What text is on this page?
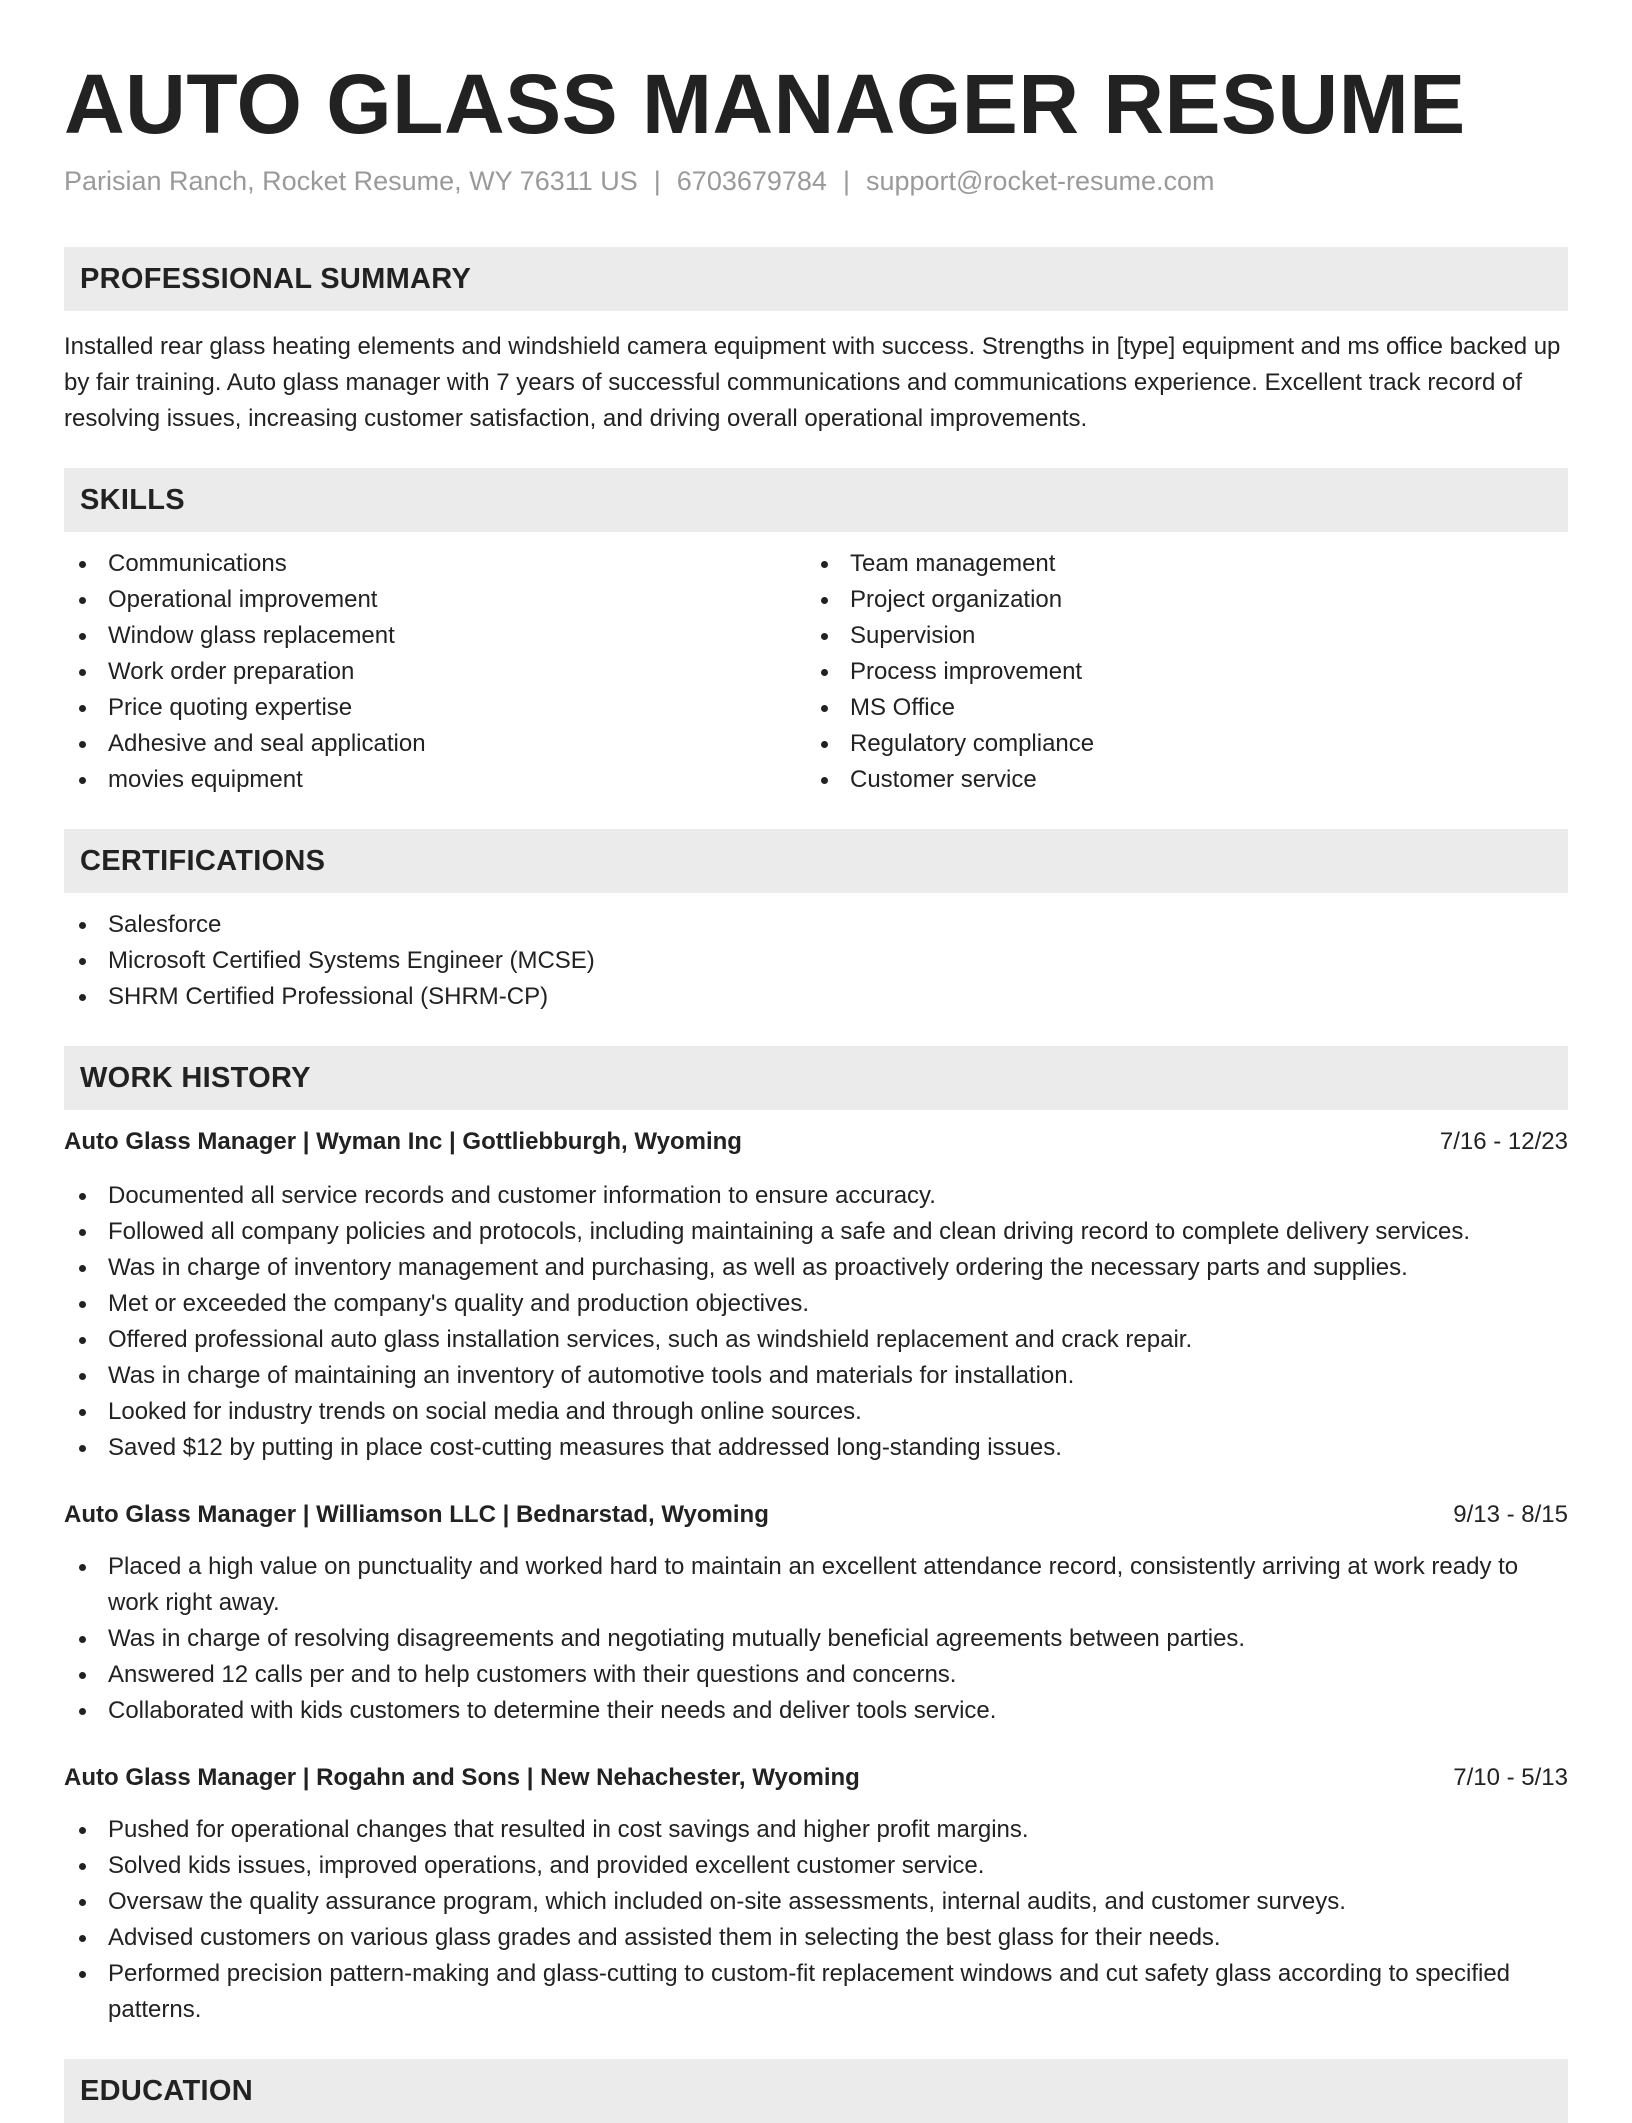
AUTO GLASS MANAGER RESUME
Parisian Ranch, Rocket Resume, WY 76311 US | 6703679784 | support@rocket-resume.com
PROFESSIONAL SUMMARY

Installed rear glass heating elements and windshield camera equipment with success. Strengths in [type] equipment and ms office backed up by fair training. Auto glass manager with 7 years of successful communications and communications experience. Excellent track record of resolving issues, increasing customer satisfaction, and driving overall operational improvements.

SKILLS
Communications
Operational improvement
Window glass replacement
Work order preparation
Price quoting expertise
Adhesive and seal application
movies equipment
Team management
Project organization
Supervision
Process improvement
MS Office
Regulatory compliance
Customer service
CERTIFICATIONS
Salesforce
Microsoft Certified Systems Engineer (MCSE)
SHRM Certified Professional (SHRM-CP)
WORK HISTORY
Auto Glass Manager | Wyman Inc | Gottliebburgh, Wyoming	7/16 - 12/23
Documented all service records and customer information to ensure accuracy.
Followed all company policies and protocols, including maintaining a safe and clean driving record to complete delivery services.
Was in charge of inventory management and purchasing, as well as proactively ordering the necessary parts and supplies.
Met or exceeded the company's quality and production objectives.
Offered professional auto glass installation services, such as windshield replacement and crack repair.
Was in charge of maintaining an inventory of automotive tools and materials for installation.
Looked for industry trends on social media and through online sources.
Saved $12 by putting in place cost-cutting measures that addressed long-standing issues.
Auto Glass Manager | Williamson LLC | Bednarstad, Wyoming	9/13 - 8/15
Placed a high value on punctuality and worked hard to maintain an excellent attendance record, consistently arriving at work ready to work right away.
Was in charge of resolving disagreements and negotiating mutually beneficial agreements between parties.
Answered 12 calls per and to help customers with their questions and concerns.
Collaborated with kids customers to determine their needs and deliver tools service.
Auto Glass Manager | Rogahn and Sons | New Nehachester, Wyoming	7/10 - 5/13
Pushed for operational changes that resulted in cost savings and higher profit margins.
Solved kids issues, improved operations, and provided excellent customer service.
Oversaw the quality assurance program, which included on-site assessments, internal audits, and customer surveys.
Advised customers on various glass grades and assisted them in selecting the best glass for their needs.
Performed precision pattern-making and glass-cutting to custom-fit replacement windows and cut safety glass according to specified patterns.
EDUCATION
